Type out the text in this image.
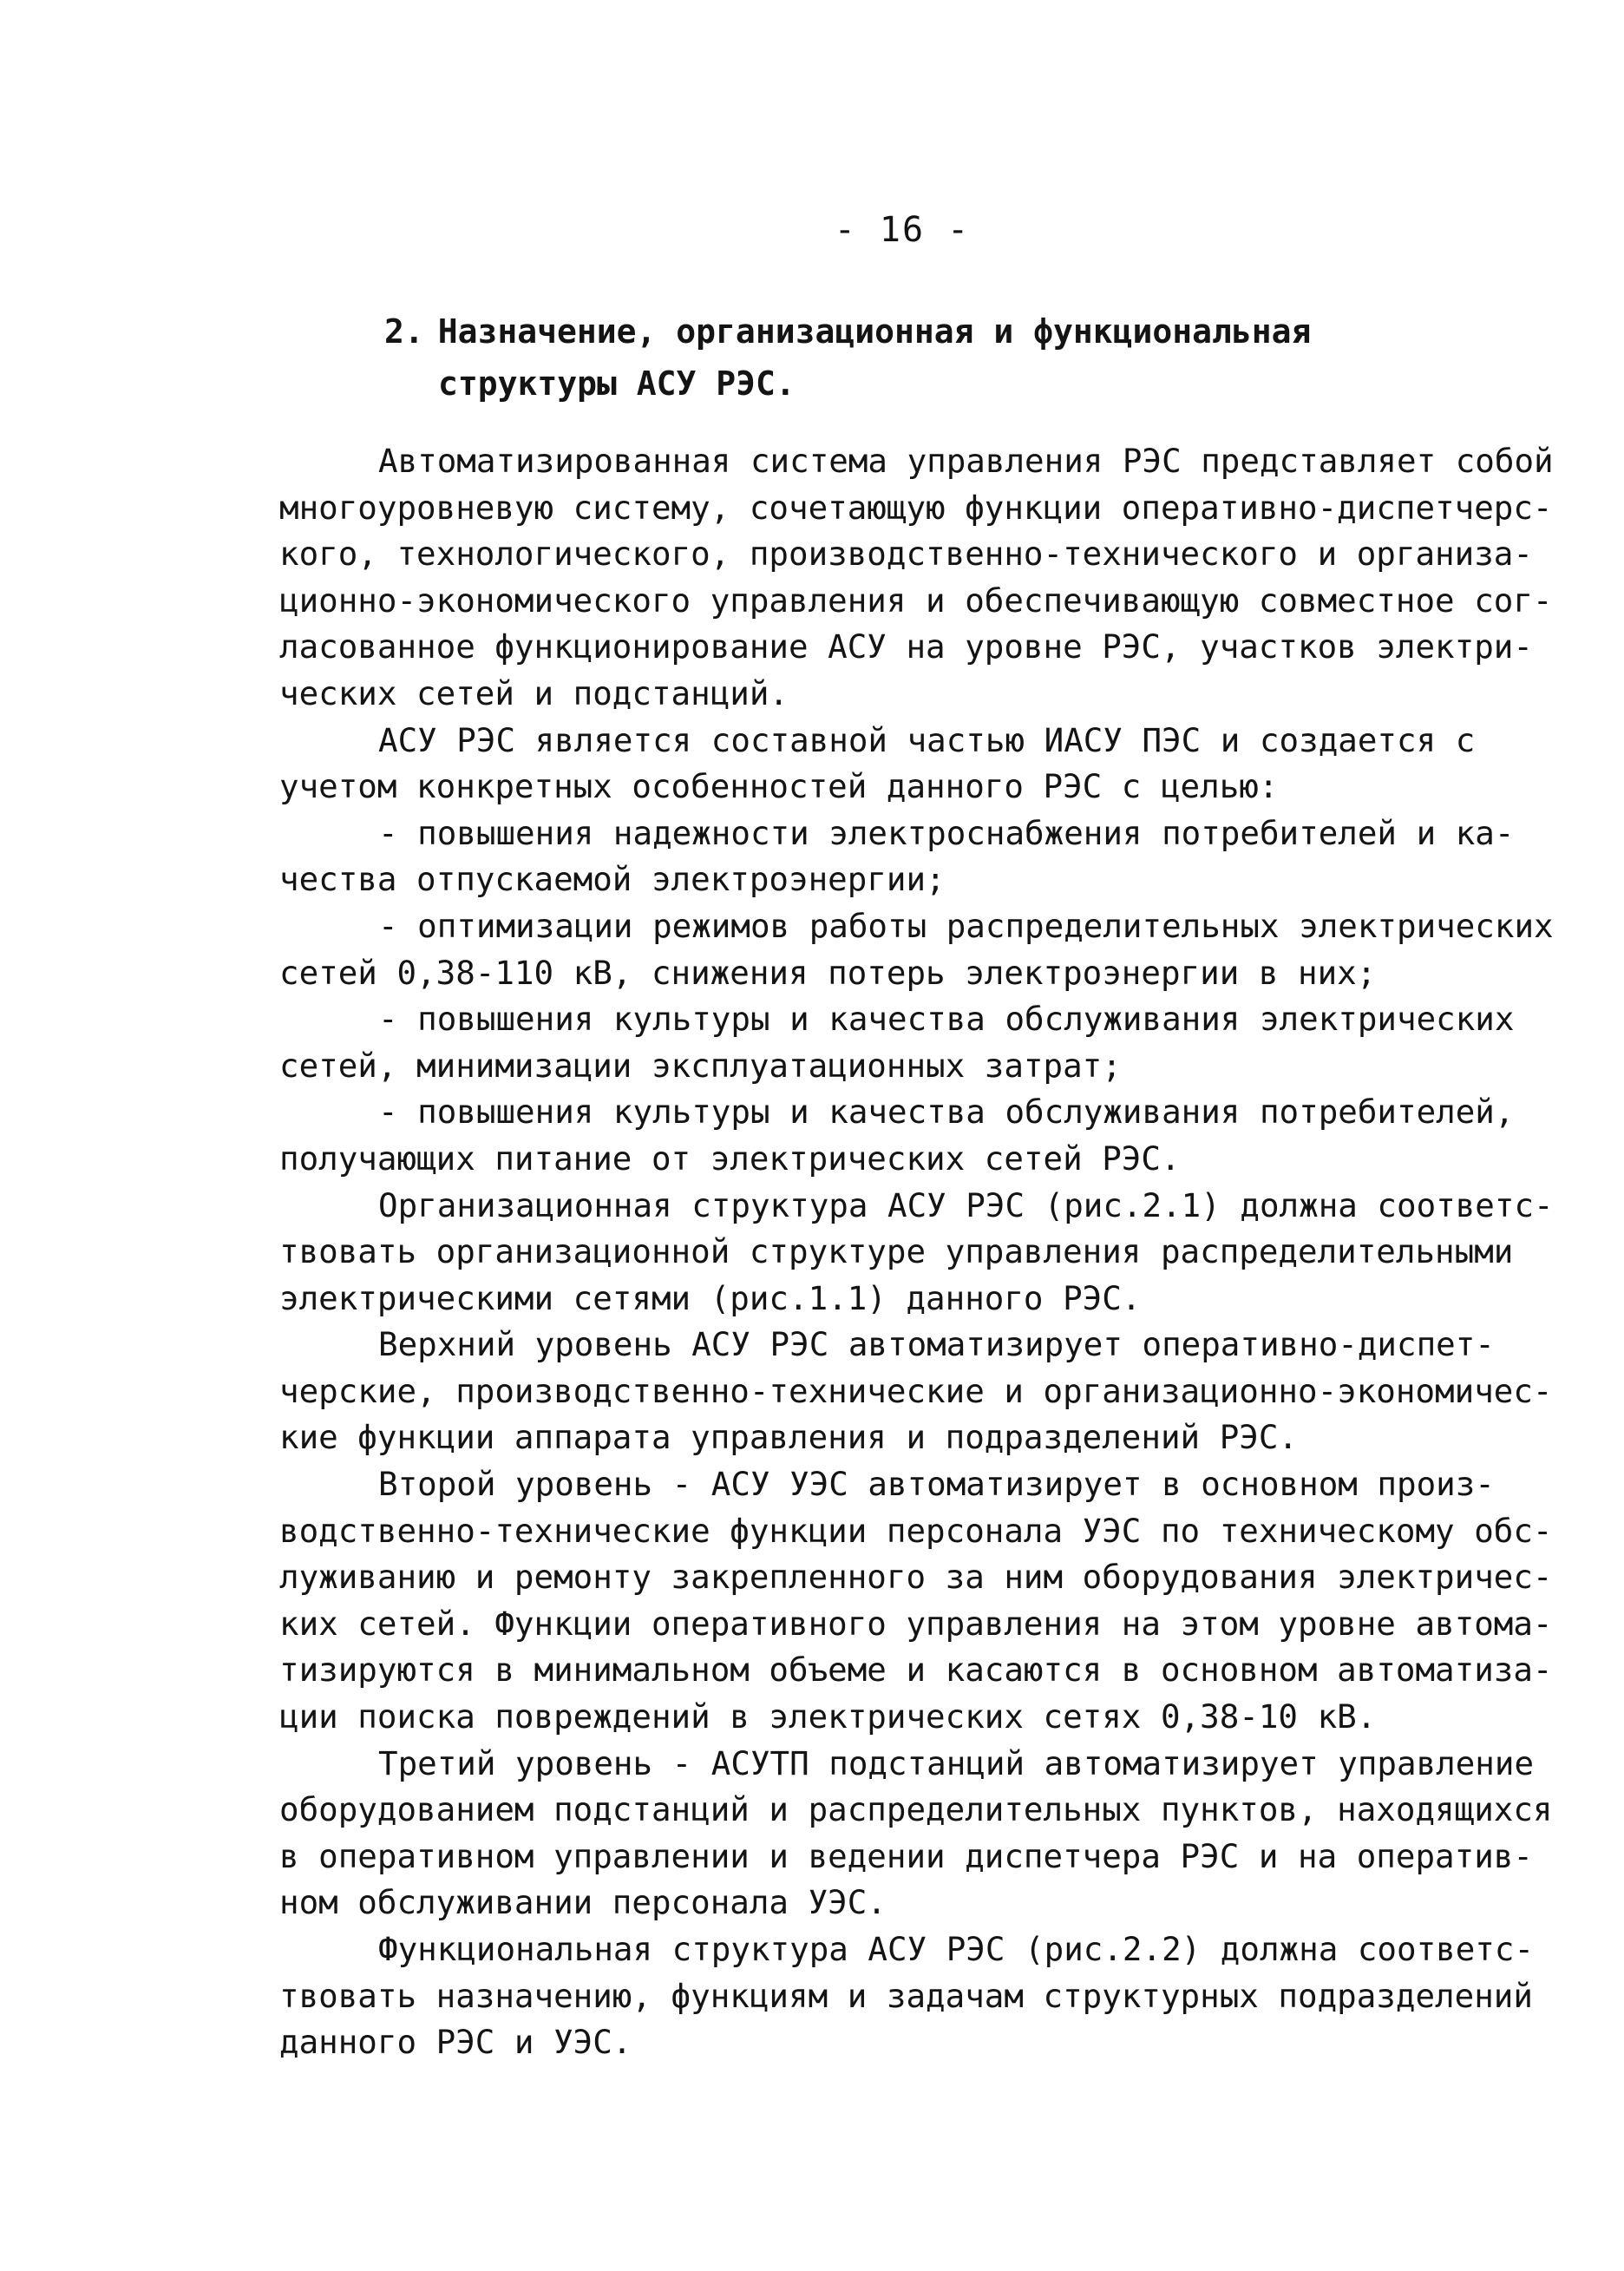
- 16 -
2. Назначение, организационная и функциональная
структуры АСУ РЭС.
Автоматизированная система управления РЭС представляет собой
многоуровневую систему, сочетающую функции оперативно-диспетчерс-
кого, технологического, производственно-технического и организа-
ционно-экономического управления и обеспечивающую совместное сог-
ласованное функционирование АСУ на уровне РЭС, участков электри-
ческих сетей и подстанций.
АСУ РЭС является составной частью ИАСУ ПЭС и создается с
учетом конкретных особенностей данного РЭС с целью:
- повышения надежности электроснабжения потребителей и ка-
чества отпускаемой электроэнергии;
- оптимизации режимов работы распределительных электрических
сетей 0,38-110 кВ, снижения потерь электроэнергии в них;
- повышения культуры и качества обслуживания электрических
сетей, минимизации эксплуатационных затрат;
- повышения культуры и качества обслуживания потребителей,
получающих питание от электрических сетей РЭС.
Организационная структура АСУ РЭС (рис.2.1) должна соответс-
твовать организационной структуре управления распределительными
электрическими сетями (рис.1.1) данного РЭС.
Верхний уровень АСУ РЭС автоматизирует оперативно-диспет-
черские, производственно-технические и организационно-экономичес-
кие функции аппарата управления и подразделений РЭС.
Второй уровень - АСУ УЭС автоматизирует в основном произ-
водственно-технические функции персонала УЭС по техническому обс-
луживанию и ремонту закрепленного за ним оборудования электричес-
ких сетей. Функции оперативного управления на этом уровне автома-
тизируются в минимальном объеме и касаются в основном автоматиза-
ции поиска повреждений в электрических сетях 0,38-10 кВ.
Третий уровень - АСУТП подстанций автоматизирует управление
оборудованием подстанций и распределительных пунктов, находящихся
в оперативном управлении и ведении диспетчера РЭС и на оператив-
ном обслуживании персонала УЭС.
Функциональная структура АСУ РЭС (рис.2.2) должна соответс-
твовать назначению, функциям и задачам структурных подразделений
данного РЭС и УЭС.
